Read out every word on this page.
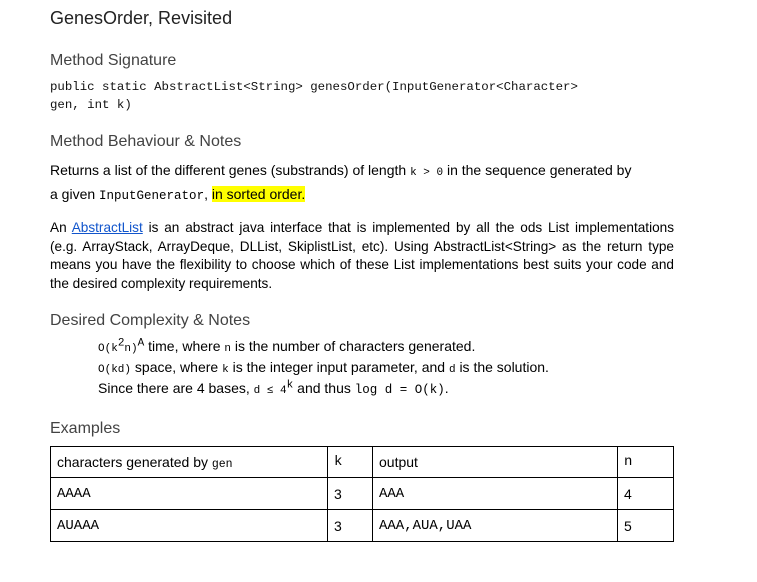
GenesOrder, Revisited
Method Signature
public static AbstractList<String> genesOrder(InputGenerator<Character>
gen, int k)
Method Behaviour & Notes
Returns a list of the different genes (substrands) of length k > 0 in the sequence generated by
a given InputGenerator, in sorted order.
An AbstractList is an abstract java interface that is implemented by all the ods List implementations (e.g. ArrayStack, ArrayDeque, DLList, SkiplistList, etc). Using AbstractList<String> as the return type means you have the flexibility to choose which of these List implementations best suits your code and the desired complexity requirements.
Desired Complexity & Notes
$O(k^2n)^A$ time, where n is the number of characters generated.
O(kd) space, where k is the integer input parameter, and d is the solution.
Since there are 4 bases, $d \le 4^k$ and thus log d = O(k).
Examples
characters generated by gen	k	output	n
AAAA	3	AAA	4
AUAAA	3	AAA,AUA,UAA	5
